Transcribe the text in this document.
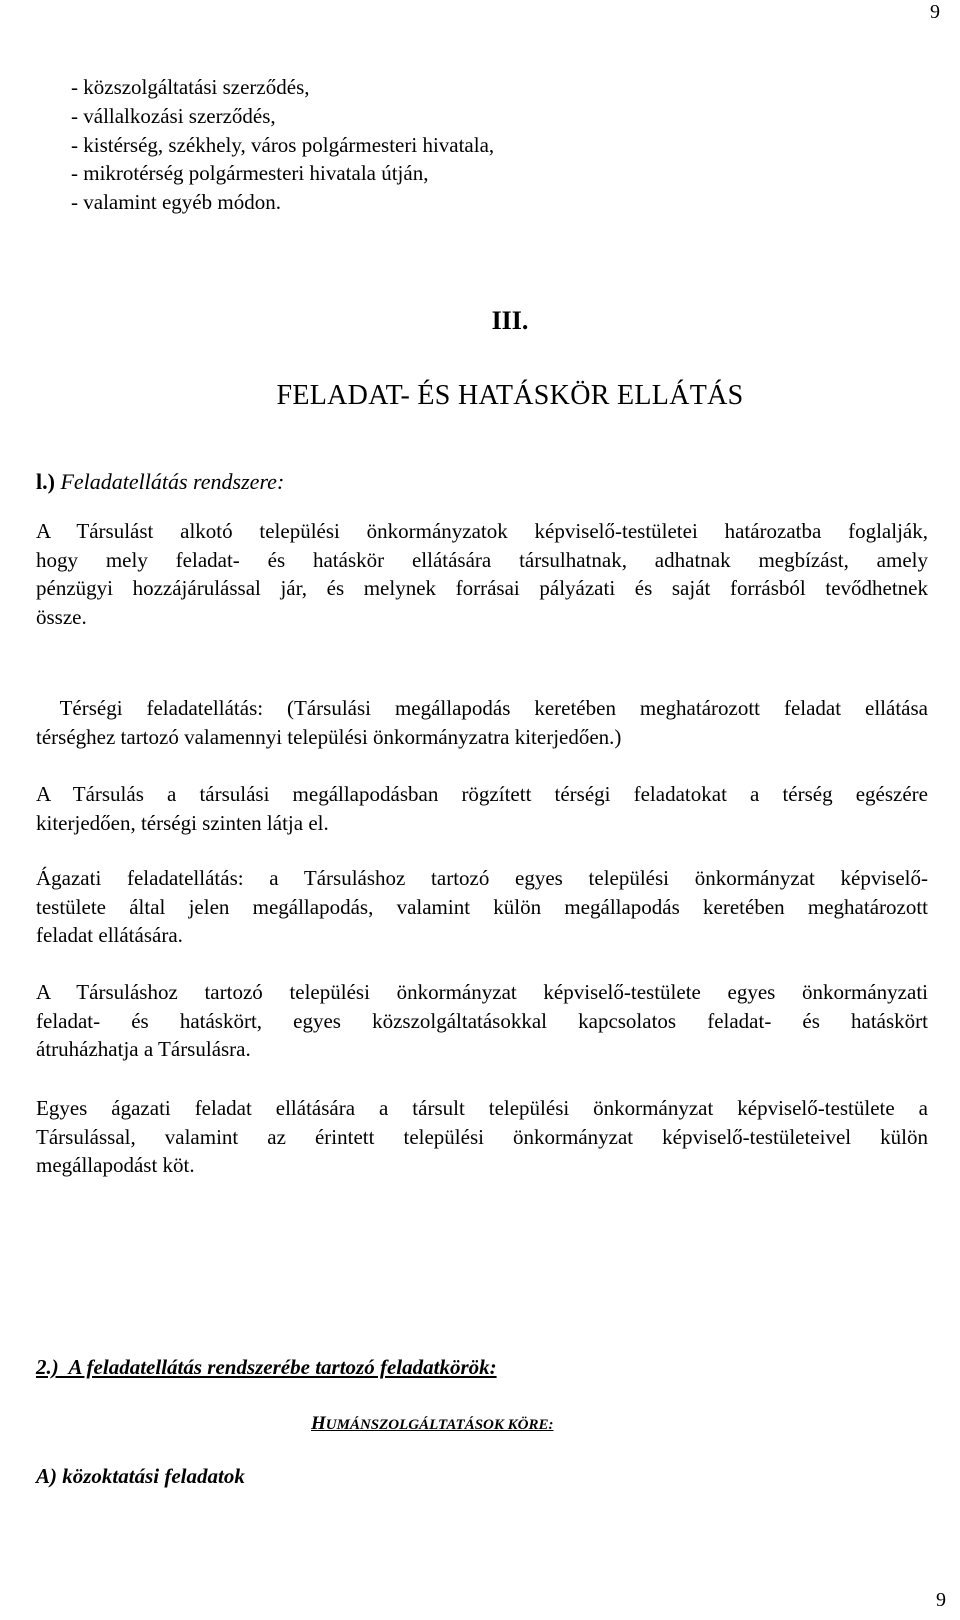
9
- közszolgáltatási szerződés,
- vállalkozási szerződés,
- kistérség, székhely, város polgármesteri hivatala,
- mikrotérség polgármesteri hivatala útján,
- valamint egyéb módon.
III.
FELADAT- ÉS HATÁSKÖR ELLÁTÁS
l.) Feladatellátás rendszere:
A Társulást alkotó települési önkormányzatok képviselő-testületei határozatba foglalják,
hogy mely feladat- és hatáskör ellátására társulhatnak, adhatnak megbízást, amely
pénzügyi hozzájárulással jár, és melynek forrásai pályázati és saját forrásból tevődhetnek
össze.
Térségi feladatellátás: (Társulási megállapodás keretében meghatározott feladat ellátása
térséghez tartozó valamennyi települési önkormányzatra kiterjedően.)
A Társulás a társulási megállapodásban rögzített térségi feladatokat a térség egészére
kiterjedően, térségi szinten látja el.
Ágazati feladatellátás: a Társuláshoz tartozó egyes települési önkormányzat képviselő-
testülete által jelen megállapodás, valamint külön megállapodás keretében meghatározott
feladat ellátására.
A Társuláshoz tartozó települési önkormányzat képviselő-testülete egyes önkormányzati
feladat- és hatáskört, egyes közszolgáltatásokkal kapcsolatos feladat- és hatáskört
átruházhatja a Társulásra.
Egyes ágazati feladat ellátására a társult települési önkormányzat képviselő-testülete a
Társulással, valamint az érintett települési önkormányzat képviselő-testületeivel külön
megállapodást köt.
2.)  A feladatellátás rendszerébe tartozó feladatkörök:
HUMÁNSZOLGÁLTATÁSOK KÖRE:
A) közoktatási feladatok
9
